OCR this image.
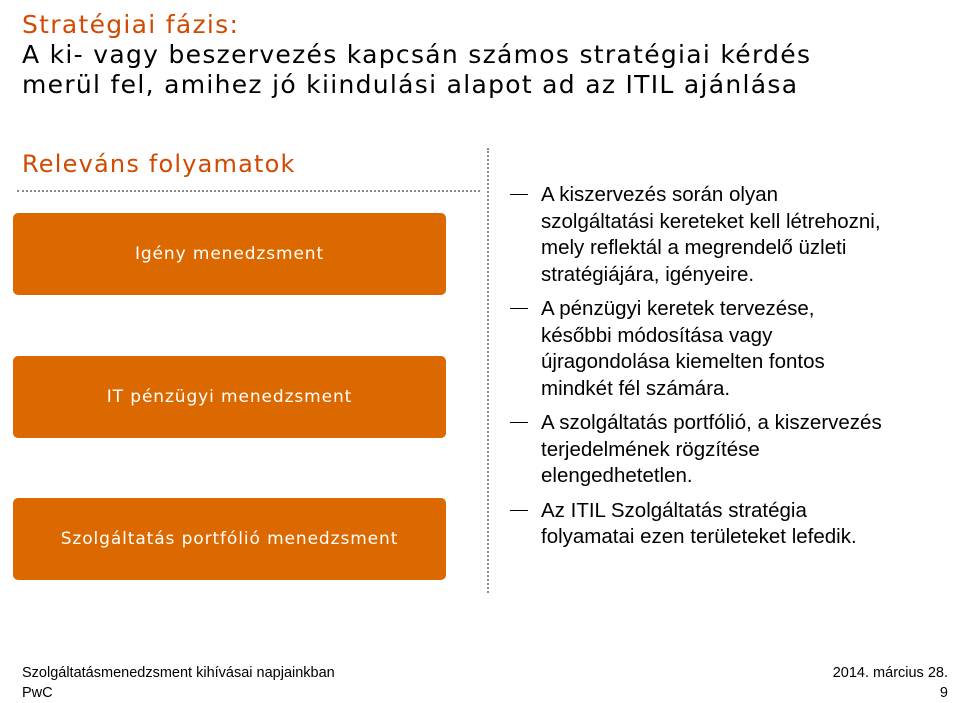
Stratégiai fázis:
A ki- vagy beszervezés kapcsán számos stratégiai kérdés
merül fel, amihez jó kiindulási alapot ad az ITIL ajánlása
Releváns folyamatok
Igény menedzsment
IT pénzügyi menedzsment
Szolgáltatás portfólió menedzsment
A kiszervezés során olyan
szolgáltatási kereteket kell létrehozni,
mely reflektál a megrendelő üzleti
stratégiájára, igényeire.
A pénzügyi keretek tervezése,
későbbi módosítása vagy
újragondolása kiemelten fontos
mindkét fél számára.
A szolgáltatás portfólió, a kiszervezés
terjedelmének rögzítése
elengedhetetlen.
Az ITIL Szolgáltatás stratégia
folyamatai ezen területeket lefedik.
Szolgáltatásmenedzsment kihívásai napjainkban
PwC
2014. március 28.
9
